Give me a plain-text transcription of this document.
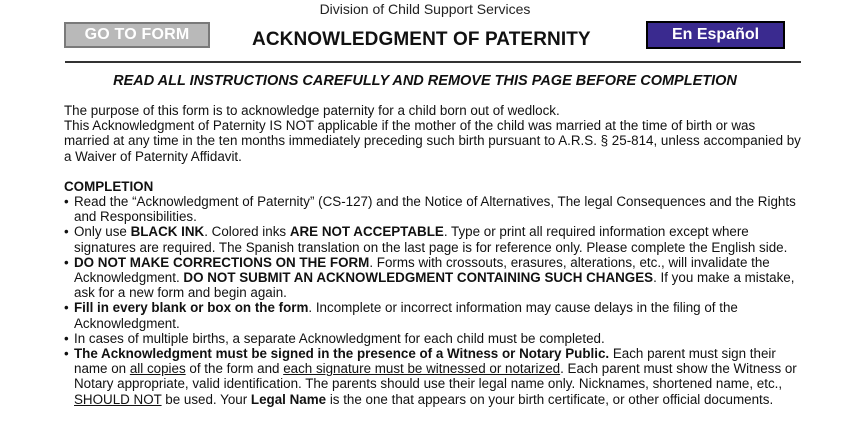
Division of Child Support Services
GO TO FORM	ACKNOWLEDGMENT OF PATERNITY	En Español
READ ALL INSTRUCTIONS CAREFULLY AND REMOVE THIS PAGE BEFORE COMPLETION

The purpose of this form is to acknowledge paternity for a child born out of wedlock.

This Acknowledgment of Paternity IS NOT applicable if the mother of the child was married at the time of birth or was married at any time in the ten months immediately preceding such birth pursuant to A.R.S. § 25-814, unless accompanied by a Waiver of Paternity Affidavit.

COMPLETION

• Read the “Acknowledgment of Paternity” (CS-127) and the Notice of Alternatives, The legal Consequences and the Rights and Responsibilities.
• Only use BLACK INK. Colored inks ARE NOT ACCEPTABLE. Type or print all required information except where signatures are required. The Spanish translation on the last page is for reference only. Please complete the English side.
• DO NOT MAKE CORRECTIONS ON THE FORM. Forms with crossouts, erasures, alterations, etc., will invalidate the Acknowledgment. DO NOT SUBMIT AN ACKNOWLEDGMENT CONTAINING SUCH CHANGES. If you make a mistake, ask for a new form and begin again.
• Fill in every blank or box on the form. Incomplete or incorrect information may cause delays in the filing of the Acknowledgment.
• In cases of multiple births, a separate Acknowledgment for each child must be completed.
• The Acknowledgment must be signed in the presence of a Witness or Notary Public. Each parent must sign their name on all copies of the form and each signature must be witnessed or notarized. Each parent must show the Witness or Notary appropriate, valid identification. The parents should use their legal name only. Nicknames, shortened name, etc., SHOULD NOT be used. Your Legal Name is the one that appears on your birth certificate, or other official documents.
